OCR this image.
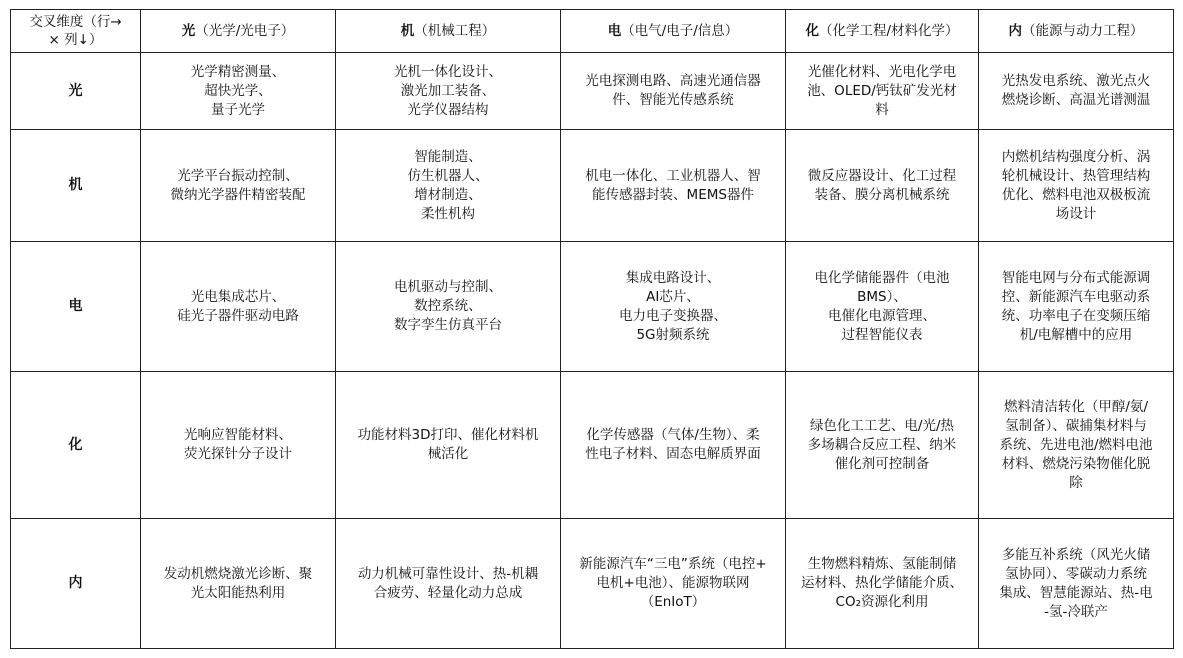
交叉维度（行→
× 列↓）	光（光学/光电子）	机（机械工程）	电（电气/电子/信息）	化（化学工程/材料化学）	内（能源与动力工程）
光	光学精密测量、
超快光学、
量子光学	光机一体化设计、
激光加工装备、
光学仪器结构	光电探测电路、高速光通信器
件、智能光传感系统	光催化材料、光电化学电
池、OLED/钙钛矿发光材
料	光热发电系统、激光点火
燃烧诊断、高温光谱测温

机	光学平台振动控制、
微纳光学器件精密装配	智能制造、
仿生机器人、
增材制造、
柔性机构	机电一体化、工业机器人、智
能传感器封装、MEMS器件	微反应器设计、化工过程
装备、膜分离机械系统	内燃机结构强度分析、涡
轮机械设计、热管理结构
优化、燃料电池双极板流
场设计

电	光电集成芯片、
硅光子器件驱动电路	电机驱动与控制、
数控系统、
数字孪生仿真平台	集成电路设计、
AI芯片、
电力电子变换器、
5G射频系统	电化学储能器件（电池
BMS）、
电催化电源管理、
过程智能仪表	智能电网与分布式能源调
控、新能源汽车电驱动系
统、功率电子在变频压缩
机/电解槽中的应用

化	光响应智能材料、
荧光探针分子设计	功能材料3D打印、催化材料机
械活化	化学传感器（气体/生物）、柔
性电子材料、固态电解质界面	绿色化工工艺、电/光/热
多场耦合反应工程、纳米
催化剂可控制备	燃料清洁转化（甲醇/氨/
氢制备）、碳捕集材料与
系统、先进电池/燃料电池
材料、燃烧污染物催化脱
除

内	发动机燃烧激光诊断、聚
光太阳能热利用	动力机械可靠性设计、热-机耦
合疲劳、轻量化动力总成	新能源汽车“三电”系统（电控+
电机+电池）、能源物联网
（EnIoT）	生物燃料精炼、氢能制储
运材料、热化学储能介质、
CO₂资源化利用	多能互补系统（风光火储
氢协同）、零碳动力系统
集成、智慧能源站、热-电
-氢-冷联产
